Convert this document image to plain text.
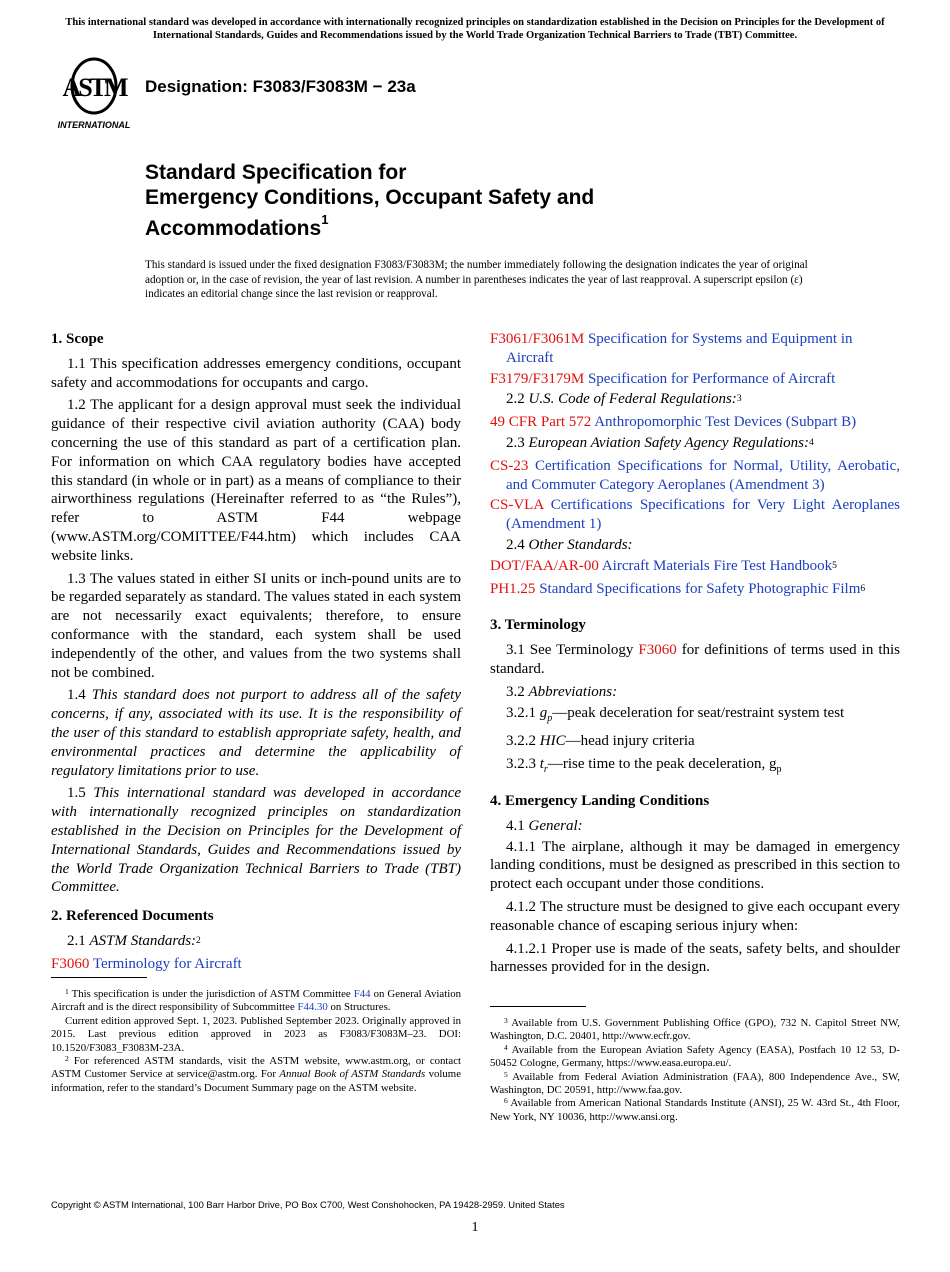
This international standard was developed in accordance with internationally recognized principles on standardization established in the Decision on Principles for the Development of International Standards, Guides and Recommendations issued by the World Trade Organization Technical Barriers to Trade (TBT) Committee.
ASTM
INTERNATIONAL
Designation: F3083/F3083M − 23a
Standard Specification for
Emergency Conditions, Occupant Safety and
Accommodations$^1$
This standard is issued under the fixed designation F3083/F3083M; the number immediately following the designation indicates the year of original adoption or, in the case of revision, the year of last revision. A number in parentheses indicates the year of last reapproval. A superscript epsilon (ε) indicates an editorial change since the last revision or reapproval.

1. Scope

1.1 This specification addresses emergency conditions, occupant safety and accommodations for occupants and cargo.

1.2 The applicant for a design approval must seek the individual guidance of their respective civil aviation authority (CAA) body concerning the use of this standard as part of a certification plan. For information on which CAA regulatory bodies have accepted this standard (in whole or in part) as a means of compliance to their airworthiness regulations (Hereinafter referred to as “the Rules”), refer to ASTM F44 webpage (www.ASTM.org/COMITTEE/F44.htm) which includes CAA website links.

1.3 The values stated in either SI units or inch-pound units are to be regarded separately as standard. The values stated in each system are not necessarily exact equivalents; therefore, to ensure conformance with the standard, each system shall be used independently of the other, and values from the two systems shall not be combined.

1.4 This standard does not purport to address all of the safety concerns, if any, associated with its use. It is the responsibility of the user of this standard to establish appropriate safety, health, and environmental practices and determine the applicability of regulatory limitations prior to use.

1.5 This international standard was developed in accordance with internationally recognized principles on standardization established in the Decision on Principles for the Development of International Standards, Guides and Recommendations issued by the World Trade Organization Technical Barriers to Trade (TBT) Committee.

2. Referenced Documents

2.1 ASTM Standards:$^2$

F3060 Terminology for Aircraft

$^1$ This specification is under the jurisdiction of ASTM Committee F44 on General Aviation Aircraft and is the direct responsibility of Subcommittee F44.30 on Structures.

Current edition approved Sept. 1, 2023. Published September 2023. Originally approved in 2015. Last previous edition approved in 2023 as F3083/F3083M–23. DOI: 10.1520/F3083_F3083M-23A.

$^2$ For referenced ASTM standards, visit the ASTM website, www.astm.org, or contact ASTM Customer Service at service@astm.org. For Annual Book of ASTM Standards volume information, refer to the standard’s Document Summary page on the ASTM website.

F3061/F3061M Specification for Systems and Equipment in Aircraft

F3179/F3179M Specification for Performance of Aircraft

2.2 U.S. Code of Federal Regulations:$^3$

49 CFR Part 572 Anthropomorphic Test Devices (Subpart B)

2.3 European Aviation Safety Agency Regulations:$^4$

CS-23 Certification Specifications for Normal, Utility, Aerobatic, and Commuter Category Aeroplanes (Amendment 3)

CS-VLA Certifications Specifications for Very Light Aeroplanes (Amendment 1)

2.4 Other Standards:

DOT/FAA/AR-00 Aircraft Materials Fire Test Handbook$^5$

PH1.25 Standard Specifications for Safety Photographic Film$^6$

3. Terminology

3.1 See Terminology F3060 for definitions of terms used in this standard.

3.2 Abbreviations:

3.2.1 $g_p—peak$ deceleration for seat/restraint system test

3.2.2 HIC—head injury criteria

3.2.3 $t_r—rise$ time to the peak deceleration, $g_p$

4. Emergency Landing Conditions

4.1 General:

4.1.1 The airplane, although it may be damaged in emergency landing conditions, must be designed as prescribed in this section to protect each occupant under those conditions.

4.1.2 The structure must be designed to give each occupant every reasonable chance of escaping serious injury when:

4.1.2.1 Proper use is made of the seats, safety belts, and shoulder harnesses provided for in the design.

$^3$ Available from U.S. Government Publishing Office (GPO), 732 N. Capitol Street NW, Washington, D.C. 20401, http://www.ecfr.gov.

$^4$ Available from the European Aviation Safety Agency (EASA), Postfach 10 12 53, D-50452 Cologne, Germany, https://www.easa.europa.eu/.

$^5$ Available from Federal Aviation Administration (FAA), 800 Independence Ave., SW, Washington, DC 20591, http://www.faa.gov.

$^6$ Available from American National Standards Institute (ANSI), 25 W. 43rd St., 4th Floor, New York, NY 10036, http://www.ansi.org.

Copyright © ASTM International, 100 Barr Harbor Drive, PO Box C700, West Conshohocken, PA 19428-2959. United States
1
